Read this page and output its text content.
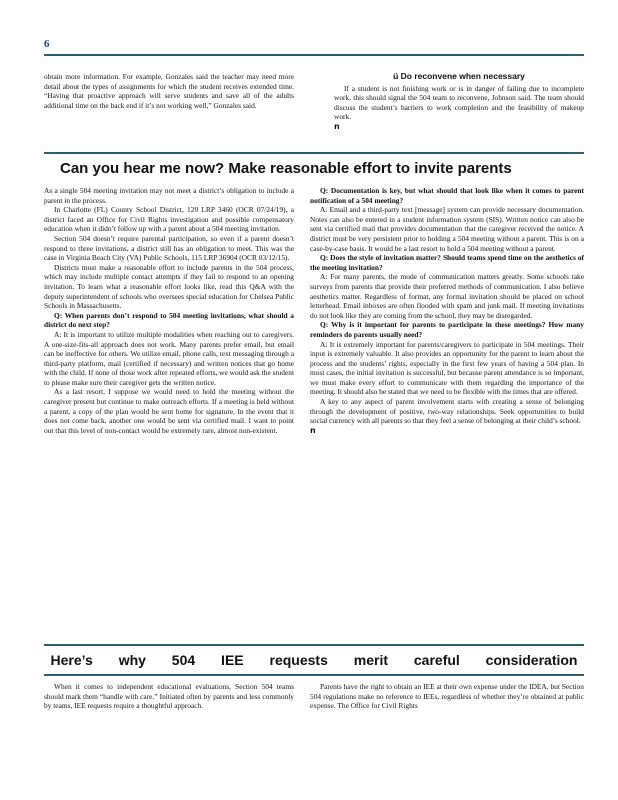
6

obtain more information. For example, Gonzales said the teacher may need more detail about the types of assignments for which the student receives extended time. “Having that proactive approach will serve students and save all of the adults additional time on the back end if it’s not working well,” Gonzales said.

ü Do reconvene when necessary

If a student is not finishing work or is in danger of failing due to incomplete work, this should signal the 504 team to reconvene, Johnson said. The team should discuss the student’s barriers to work completion and the feasibility of makeup work.

n
Can you hear me now? Make reasonable effort to invite parents

As a single 504 meeting invitation may not meet a district’s obligation to include a parent in the process.

In Charlotte (FL) County School District, 120 LRP 3460 (OCR 07/24/19), a district faced an Office for Civil Rights investigation and possible compensatory education when it didn’t follow up with a parent about a 504 meeting invitation.

Section 504 doesn’t require parental participation, so even if a parent doesn’t respond to three invitations, a district still has an obligation to meet. This was the case in Virginia Beach City (VA) Public Schools, 115 LRP 36904 (OCR 03/12/15).

Districts must make a reasonable effort to include parents in the 504 process, which may include multiple contact attempts if they fail to respond to an opening invitation. To learn what a reasonable effort looks like, read this Q&A with the deputy superintendent of schools who oversees special education for Chelsea Public Schools in Massachusetts.

Q: When parents don’t respond to 504 meeting invitations, what should a district do next step?

A: It is important to utilize multiple modalities when reaching out to caregivers. A one-size-fits-all approach does not work. Many parents prefer email, but email can be ineffective for others. We utilize email, phone calls, text messaging through a third-party platform, mail (certified if necessary) and written notices that go home with the child. If none of those work after repeated efforts, we would ask the student to please make sure their caregiver gets the written notice.

As a last resort, I suppose we would need to hold the meeting without the caregiver present but continue to make outreach efforts. If a meeting is held without a parent, a copy of the plan would be sent home for signature. In the event that it does not come back, another one would be sent via certified mail. I want to point out that this level of non-contact would be extremely rare, almost non-existent.

Q: Documentation is key, but what should that look like when it comes to parent notification of a 504 meeting?

A: Email and a third-party text [message] system can provide necessary documentation. Notes can also be entered in a student information system (SIS). Written notice can also be sent via certified mail that provides documentation that the caregiver received the notice. A district must be very persistent prior to holding a 504 meeting without a parent. This is on a case-by-case basis. It would be a last resort to hold a 504 meeting without a parent.

Q: Does the style of invitation matter? Should teams spend time on the aesthetics of the meeting invitation?

A: For many parents, the mode of communication matters greatly. Some schools take surveys from parents that provide their preferred methods of communication. I also believe aesthetics matter. Regardless of format, any formal invitation should be placed on school letterhead. Email inboxes are often flooded with spam and junk mail. If meeting invitations do not look like they are coming from the school, they may be disregarded.

Q: Why is it important for parents to participate in these meetings? How many reminders do parents usually need?

A: It is extremely important for parents/caregivers to participate in 504 meetings. Their input is extremely valuable. It also provides an opportunity for the parent to learn about the process and the students’ rights, especially in the first few years of having a 504 plan. In most cases, the initial invitation is successful, but because parent attendance is so important, we must make every effort to communicate with them regarding the importance of the meeting. It should also be stated that we need to be flexible with the times that are offered.

A key to any aspect of parent involvement starts with creating a sense of belonging through the development of positive, two-way relationships. Seek opportunities to build social currency with all parents so that they feel a sense of belonging at their child’s school.

n
Here’s why 504 IEE requests merit careful consideration

When it comes to independent educational evaluations, Section 504 teams should mark them “handle with care.” Initiated often by parents and less commonly by teams, IEE requests require a thoughtful approach.

Parents have the right to obtain an IEE at their own expense under the IDEA, but Section 504 regulations make no reference to IEEs, regardless of whether they’re obtained at public expense. The Office for Civil Rights
